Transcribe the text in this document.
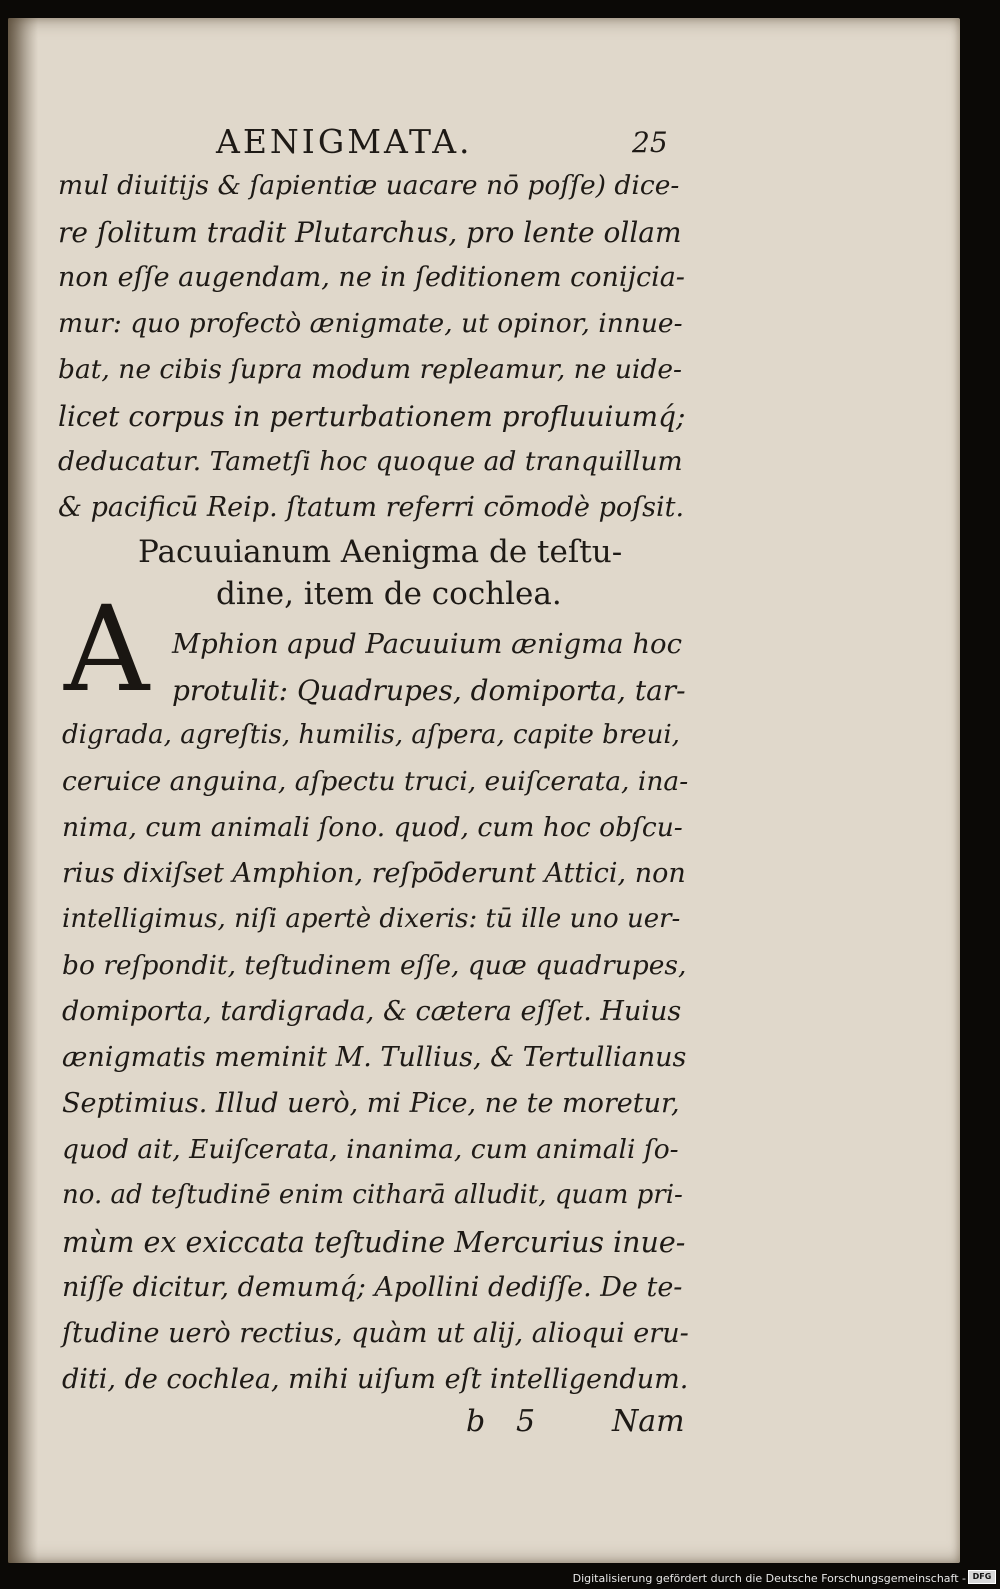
AENIGMATA.	25

mul diuitijs & ſapientiæ uacare nō poſſe) dice-

re ſolitum tradit Plutarchus, pro lente ollam

non eſſe augendam, ne in ſeditionem conijcia-

mur: quo profectò ænigmate, ut opinor, innue-

bat, ne cibis ſupra modum repleamur, ne uide-

licet corpus in perturbationem profluuiumq́;

deducatur. Tametſi hoc quoque ad tranquillum

& pacificū Reip. ſtatum referri cōmodè poſsit.

Pacuuianum Aenigma de teſtu-

dine, item de cochlea.

A Mphion apud Pacuuium ænigma hoc

protulit: Quadrupes, domiporta, tar-

digrada, agreſtis, humilis, aſpera, capite breui,

ceruice anguina, aſpectu truci, euiſcerata, ina-

nima, cum animali ſono. quod, cum hoc obſcu-

rius dixiſset Amphion, reſpōderunt Attici, non

intelligimus, niſi apertè dixeris: tū ille uno uer-

bo reſpondit, teſtudinem eſſe, quæ quadrupes,

domiporta, tardigrada, & cætera eſſet. Huius

ænigmatis meminit M. Tullius, & Tertullianus

Septimius. Illud uerò, mi Pice, ne te moretur,

quod ait, Euiſcerata, inanima, cum animali ſo-

no. ad teſtudinē enim citharā alludit, quam pri-

mùm ex exiccata teſtudine Mercurius inue-

niſſe dicitur, demumq́; Apollini dediſſe. De te-

ſtudine uerò rectius, quàm ut alij, alioqui eru-

diti, de cochlea, mihi uiſum eſt intelligendum.

b 5	Nam

Digitalisierung gefördert durch die Deutsche Forschungsgemeinschaft - DFG
